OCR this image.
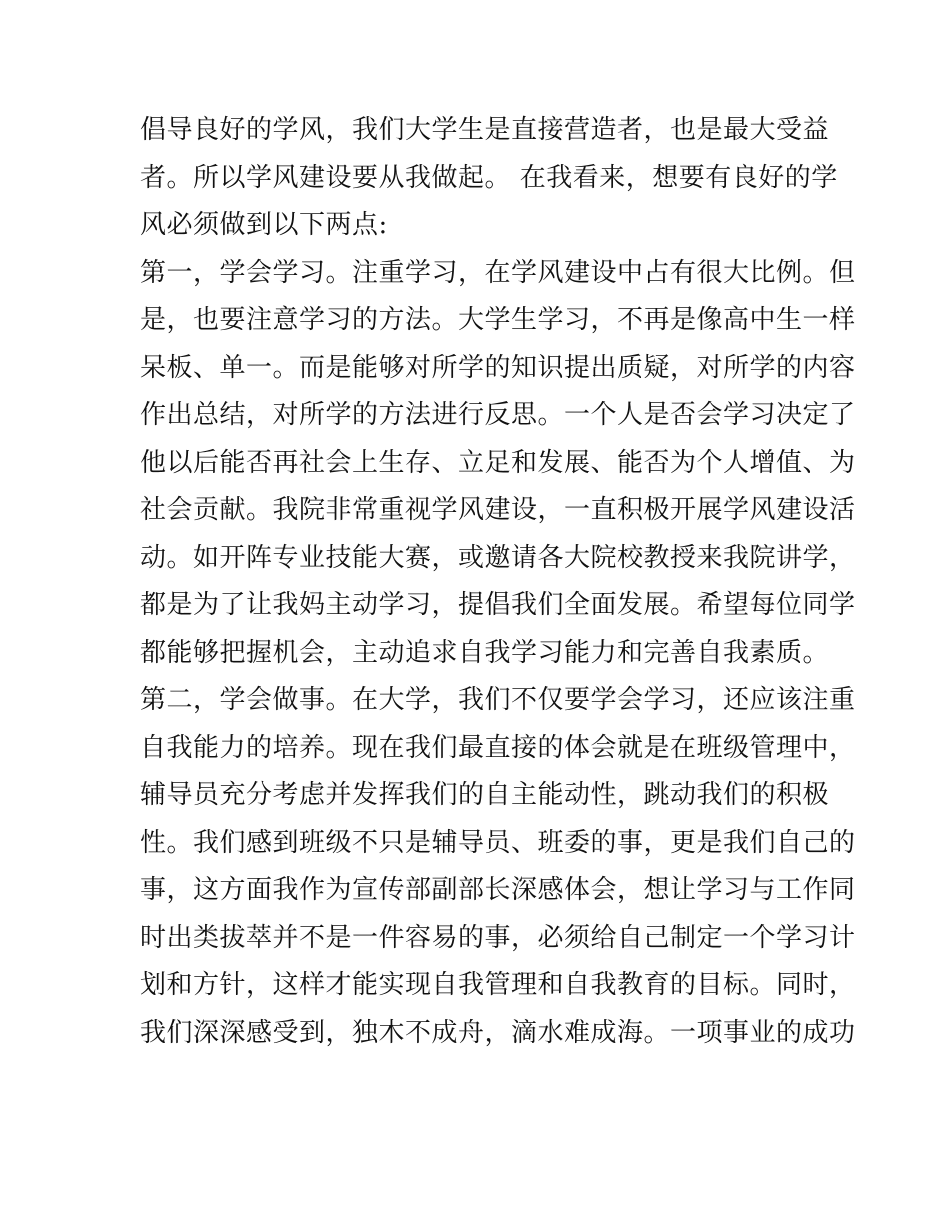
倡导良好的学风，我们大学生是直接营造者，也是最大受益
者。所以学风建设要从我做起。 在我看来，想要有良好的学
风必须做到以下两点:
第一，学会学习。注重学习，在学风建设中占有很大比例。但
是，也要注意学习的方法。大学生学习，不再是像高中生一样
呆板、单一。而是能够对所学的知识提出质疑，对所学的内容
作出总结，对所学的方法进行反思。一个人是否会学习决定了
他以后能否再社会上生存、立足和发展、能否为个人增值、为
社会贡献。我院非常重视学风建设，一直积极开展学风建设活
动。如开阵专业技能大赛，或邀请各大院校教授来我院讲学，
都是为了让我妈主动学习，提倡我们全面发展。希望每位同学
都能够把握机会，主动追求自我学习能力和完善自我素质。
第二，学会做事。在大学，我们不仅要学会学习，还应该注重
自我能力的培养。现在我们最直接的体会就是在班级管理中，
辅导员充分考虑并发挥我们的自主能动性，跳动我们的积极
性。我们感到班级不只是辅导员、班委的事，更是我们自己的
事，这方面我作为宣传部副部长深感体会，想让学习与工作同
时出类拔萃并不是一件容易的事，必须给自己制定一个学习计
划和方针，这样才能实现自我管理和自我教育的目标。同时，
我们深深感受到，独木不成舟，滴水难成海。一项事业的成功
